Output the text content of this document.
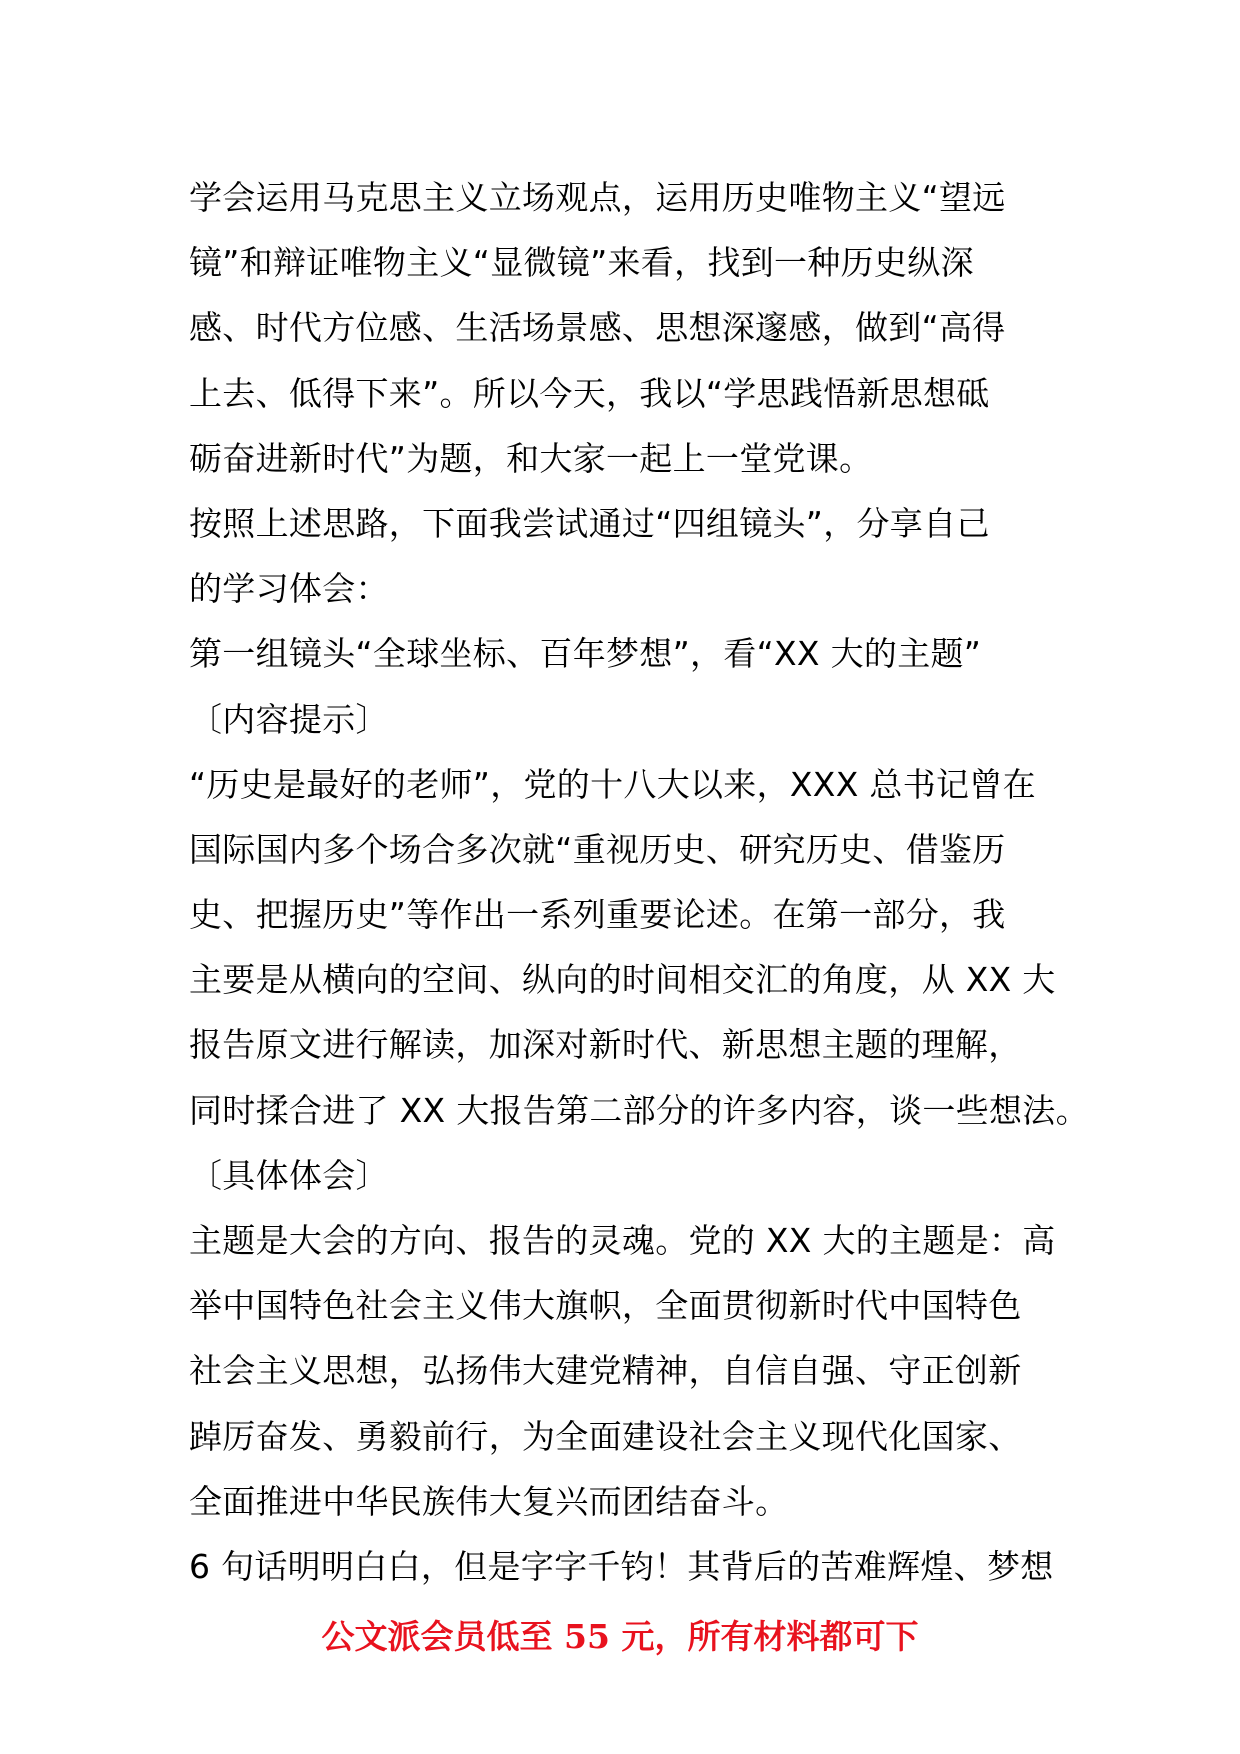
学会运用马克思主义立场观点，运用历史唯物主义“望远
镜”和辩证唯物主义“显微镜”来看，找到一种历史纵深
感、时代方位感、生活场景感、思想深邃感，做到“高得
上去、低得下来”。所以今天，我以“学思践悟新思想砥
砺奋进新时代”为题，和大家一起上一堂党课。
按照上述思路，下面我尝试通过“四组镜头”，分享自己
的学习体会：
第一组镜头“全球坐标、百年梦想”，看“XX 大的主题”
〔内容提示〕
“历史是最好的老师”，党的十八大以来，XXX 总书记曾在
国际国内多个场合多次就“重视历史、研究历史、借鉴历
史、把握历史”等作出一系列重要论述。在第一部分，我
主要是从横向的空间、纵向的时间相交汇的角度，从 XX 大
报告原文进行解读，加深对新时代、新思想主题的理解，
同时揉合进了 XX 大报告第二部分的许多内容，谈一些想法。
〔具体体会〕
主题是大会的方向、报告的灵魂。党的 XX 大的主题是：高
举中国特色社会主义伟大旗帜，全面贯彻新时代中国特色
社会主义思想，弘扬伟大建党精神，自信自强、守正创新
踔厉奋发、勇毅前行，为全面建设社会主义现代化国家、
全面推进中华民族伟大复兴而团结奋斗。
6 句话明明白白，但是字字千钧！其背后的苦难辉煌、梦想
公文派会员低至 55 元，所有材料都可下
